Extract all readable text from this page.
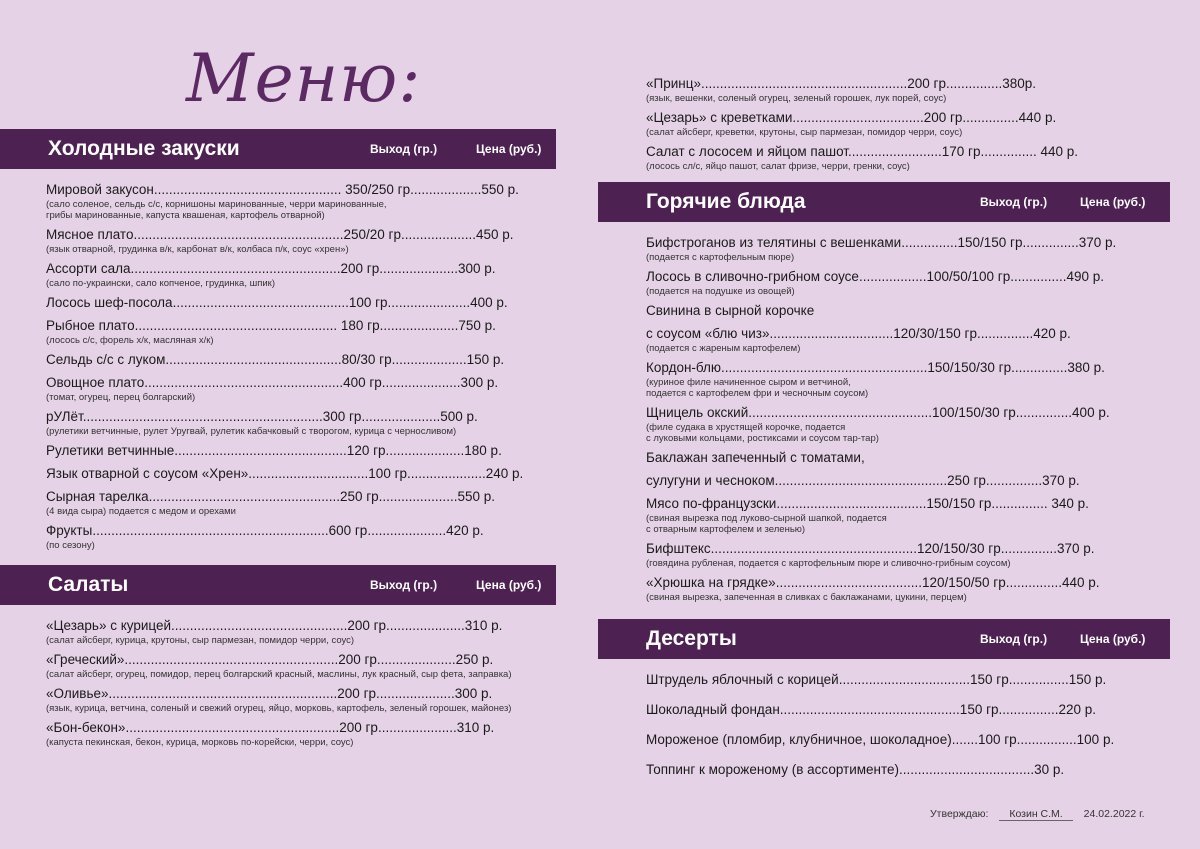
Меню:
Холодные закуски	Выход (гр.)	Цена (руб.)
Мировой закусон.................................................. 350/250 гр...................550 р.
(сало соленое, сельдь с/с, корнишоны маринованные, черри маринованные,
грибы маринованные, капуста квашеная, картофель отварной)
Мясное плато........................................................250/20 гр....................450 р.
(язык отварной, грудинка в/к, карбонат в/к, колбаса п/к, соус «хрен»)
Ассорти сала........................................................200 гр.....................300 р.
(сало по-украински, сало копченое, грудинка, шпик)
Лосось шеф-посола...............................................100 гр......................400 р.
Рыбное плато...................................................... 180 гр.....................750 р.
(лосось с/с, форель х/к, масляная х/к)
Сельдь с/с с луком...............................................80/30 гр....................150 р.
Овощное плато.....................................................400 гр.....................300 р.
(томат, огурец, перец болгарский)
рУЛёт................................................................300 гр.....................500 р.
(рулетики ветчинные, рулет Уругвай, рулетик кабачковый с творогом, курица с черносливом)
Рулетики ветчинные..............................................120 гр.....................180 р.
Язык отварной с соусом «Хрен»................................100 гр.....................240 р.
Сырная тарелка...................................................250 гр.....................550 р.
(4 вида сыра) подается с медом и орехами
Фрукты...............................................................600 гр.....................420 р.
(по сезону)
Салаты	Выход (гр.)	Цена (руб.)
«Цезарь» с курицей...............................................200 гр.....................310 р.
(салат айсберг, курица, крутоны, сыр пармезан, помидор черри, соус)
«Греческий».........................................................200 гр.....................250 р.
(салат айсберг, огурец, помидор, перец болгарский красный, маслины, лук красный, сыр фета, заправка)
«Оливье».............................................................200 гр.....................300 р.
(язык, курица, ветчина, соленый и свежий огурец, яйцо, морковь, картофель, зеленый горошек, майонез)
«Бон-бекон».........................................................200 гр.....................310 р.
(капуста пекинская, бекон, курица, морковь по-корейски, черри, соус)
«Принц».......................................................200 гр...............380р.
(язык, вешенки, соленый огурец, зеленый горошек, лук порей, соус)
«Цезарь» с креветками...................................200 гр...............440 р.
(салат айсберг, креветки, крутоны, сыр пармезан, помидор черри, соус)
Салат с лососем и яйцом пашот.........................170 гр............... 440 р.
(лосось сл/с, яйцо пашот, салат фризе, черри, гренки, соус)
Горячие блюда	Выход (гр.)	Цена (руб.)
Бифстроганов из телятины с вешенками...............150/150 гр...............370 р.
(подается с картофельным пюре)
Лосось в сливочно-грибном соусе..................100/50/100 гр...............490 р.
(подается на подушке из овощей)
Свинина в сырной корочке
с соусом «блю чиз».................................120/30/150 гр...............420 р.
(подается с жареным картофелем)
Кордон-блю.......................................................150/150/30 гр...............380 р.
(куриное филе начиненное сыром и ветчиной,
подается с картофелем фри и чесночным соусом)
Щницель окский.................................................100/150/30 гр...............400 р.
(филе судака в хрустящей корочке, подается
с луковыми кольцами, ростиксами и соусом тар-тар)
Баклажан запеченный с томатами,
сулугуни и чесноком..............................................250 гр...............370 р.
Мясо по-французски........................................150/150 гр............... 340 р.
(свиная вырезка под луково-сырной шапкой, подается
с отварным картофелем и зеленью)
Бифштекс.......................................................120/150/30 гр...............370 р.
(говядина рубленая, подается с картофельным пюре и сливочно-грибным соусом)
«Хрюшка на грядке».......................................120/150/50 гр...............440 р.
(свиная вырезка, запеченная в сливках с баклажанами, цукини, перцем)
Десерты	Выход (гр.)	Цена (руб.)
Штрудель яблочный с корицей...................................150 гр................150 р.
Шоколадный фондан................................................150 гр................220 р.
Мороженое (пломбир, клубничное, шоколадное).......100 гр................100 р.
Топпинг к мороженому (в ассортименте)....................................30 р.
Утверждаю: Козин С.М. 24.02.2022 г.
